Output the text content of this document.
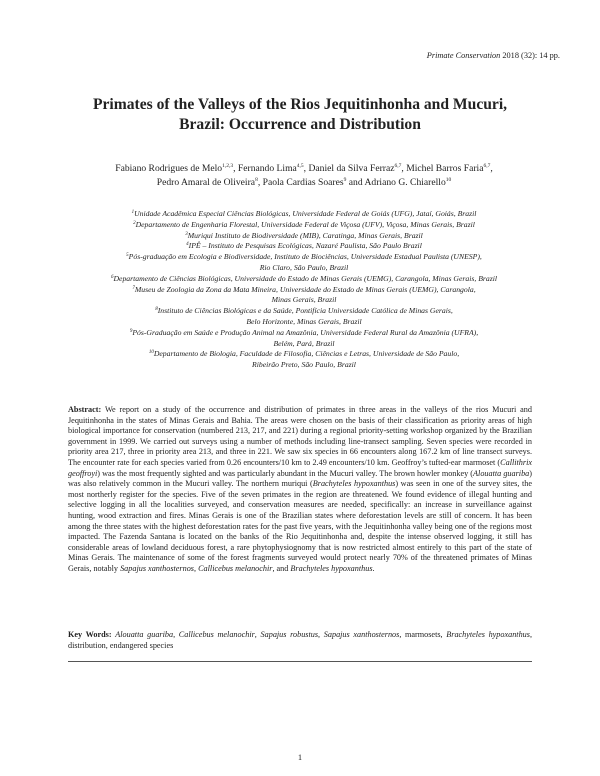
Primate Conservation 2018 (32): 14 pp.
Primates of the Valleys of the Rios Jequitinhonha and Mucuri,
Brazil: Occurrence and Distribution
Fabiano Rodrigues de Melo$^{1,2,3}$, Fernando Lima$^{4,5}$, Daniel da Silva Ferraz$^{6,7}$, Michel Barros Faria$^{6,7}$,
Pedro Amaral de Oliveira$^8$, Paola Cardias Soares$^9$ and Adriano G. Chiarello$^{10}$
$^1$Unidade Acadêmica Especial Ciências Biológicas, Universidade Federal de Goiás (UFG), Jataí, Goiás, Brazil
$^2$Departamento de Engenharia Florestal, Universidade Federal de Viçosa (UFV), Viçosa, Minas Gerais, Brazil
$^3$Muriqui Instituto de Biodiversidade (MIB), Caratinga, Minas Gerais, Brazil
$^4$IPÊ – Instituto de Pesquisas Ecológicas, Nazaré Paulista, São Paulo Brazil
$^5$Pós-graduação em Ecologia e Biodiversidade, Instituto de Biociências, Universidade Estadual Paulista (UNESP),
Rio Claro, São Paulo, Brazil
$^6$Departamento de Ciências Biológicas, Universidade do Estado de Minas Gerais (UEMG), Carangola, Minas Gerais, Brazil
$^7$Museu de Zoologia da Zona da Mata Mineira, Universidade do Estado de Minas Gerais (UEMG), Carangola,
Minas Gerais, Brazil
$^8$Instituto de Ciências Biológicas e da Saúde, Pontifícia Universidade Católica de Minas Gerais,
Belo Horizonte, Minas Gerais, Brazil
$^9$Pós-Graduação em Saúde e Produção Animal na Amazônia, Universidade Federal Rural da Amazônia (UFRA),
Belém, Pará, Brazil
$^{10}$Departamento de Biologia, Faculdade de Filosofia, Ciências e Letras, Universidade de São Paulo,
Ribeirão Preto, São Paulo, Brazil
Abstract: We report on a study of the occurrence and distribution of primates in three areas in the valleys of the rios Mucuri and Jequitinhonha in the states of Minas Gerais and Bahia. The areas were chosen on the basis of their classification as priority areas of high biological importance for conservation (numbered 213, 217, and 221) during a regional priority-setting workshop organized by the Brazilian government in 1999. We carried out surveys using a number of methods including line-transect sampling. Seven species were recorded in priority area 217, three in priority area 213, and three in 221. We saw six species in 66 encounters along 167.2 km of line transect surveys. The encounter rate for each species varied from 0.26 encounters/10 km to 2.49 encounters/10 km. Geoffroy’s tufted-ear marmoset (Callithrix geoffroyi) was the most frequently sighted and was particularly abundant in the Mucuri valley. The brown howler monkey (Alouatta guariba) was also relatively common in the Mucuri valley. The northern muriqui (Brachyteles hypoxanthus) was seen in one of the survey sites, the most northerly register for the species. Five of the seven primates in the region are threatened. We found evidence of illegal hunting and selective logging in all the localities surveyed, and conservation measures are needed, specifically: an increase in surveillance against hunting, wood extraction and fires. Minas Gerais is one of the Brazilian states where deforestation levels are still of concern. It has been among the three states with the highest deforestation rates for the past five years, with the Jequitinhonha valley being one of the regions most impacted. The Fazenda Santana is located on the banks of the Rio Jequitinhonha and, despite the intense observed logging, it still has considerable areas of lowland deciduous forest, a rare phytophysiognomy that is now restricted almost entirely to this part of the state of Minas Gerais. The maintenance of some of the forest fragments surveyed would protect nearly 70% of the threatened primates of Minas Gerais, notably Sapajus xanthosternos, Callicebus melanochir, and Brachyteles hypoxanthus.
Key Words: Alouatta guariba, Callicebus melanochir, Sapajus robustus, Sapajus xanthosternos, marmosets, Brachyteles hypoxanthus, distribution, endangered species
1
